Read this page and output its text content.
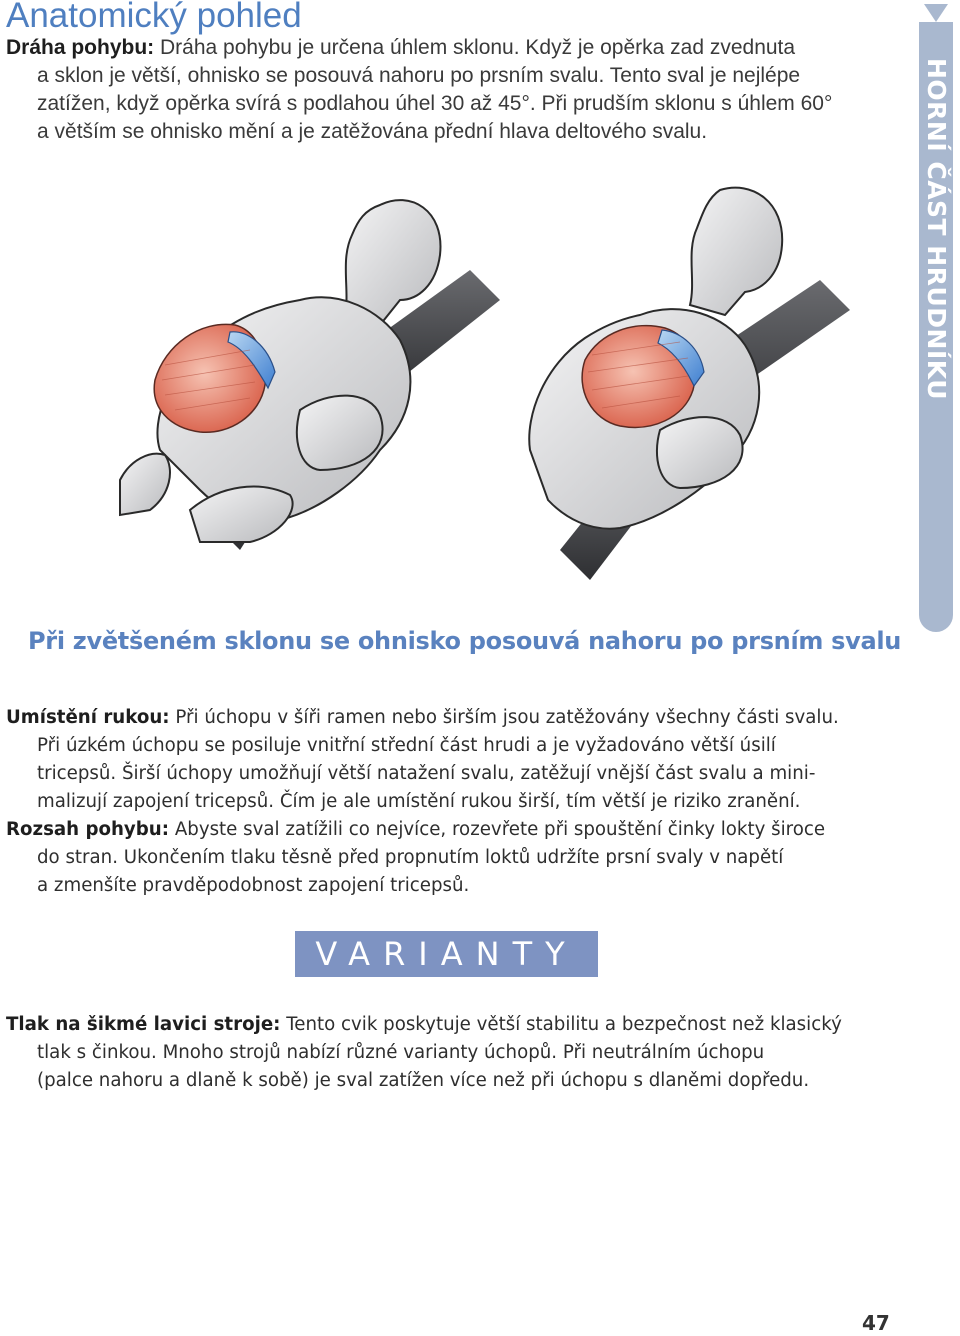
Anatomický pohled
Dráha pohybu: Dráha pohybu je určena úhlem sklonu. Když je opěrka zad zvednuta
a sklon je větší, ohnisko se posouvá nahoru po prsním svalu. Tento sval je nejlépe
zatížen, když opěrka svírá s podlahou úhel 30 až 45°. Při prudším sklonu s úhlem 60°
a větším se ohnisko mění a je zatěžována přední hlava deltového svalu.	HORNÍ ČÁST HRUDNÍKU
Při zvětšeném sklonu se ohnisko posouvá nahoru po prsním svalu
Umístění rukou: Při úchopu v šíři ramen nebo širším jsou zatěžovány všechny části svalu.
Při úzkém úchopu se posiluje vnitřní střední část hrudi a je vyžadováno větší úsilí
tricepsů. Širší úchopy umožňují větší natažení svalu, zatěžují vnější část svalu a mini-
malizují zapojení tricepsů. Čím je ale umístění rukou širší, tím větší je riziko zranění.
Rozsah pohybu: Abyste sval zatížili co nejvíce, rozevřete při spouštění činky lokty široce
do stran. Ukončením tlaku těsně před propnutím loktů udržíte prsní svaly v napětí
a zmenšíte pravděpodobnost zapojení tricepsů.
VARIANTY
Tlak na šikmé lavici stroje: Tento cvik poskytuje větší stabilitu a bezpečnost než klasický
tlak s činkou. Mnoho strojů nabízí různé varianty úchopů. Při neutrálním úchopu
(palce nahoru a dlaně k sobě) je sval zatížen více než při úchopu s dlaněmi dopředu.
47
